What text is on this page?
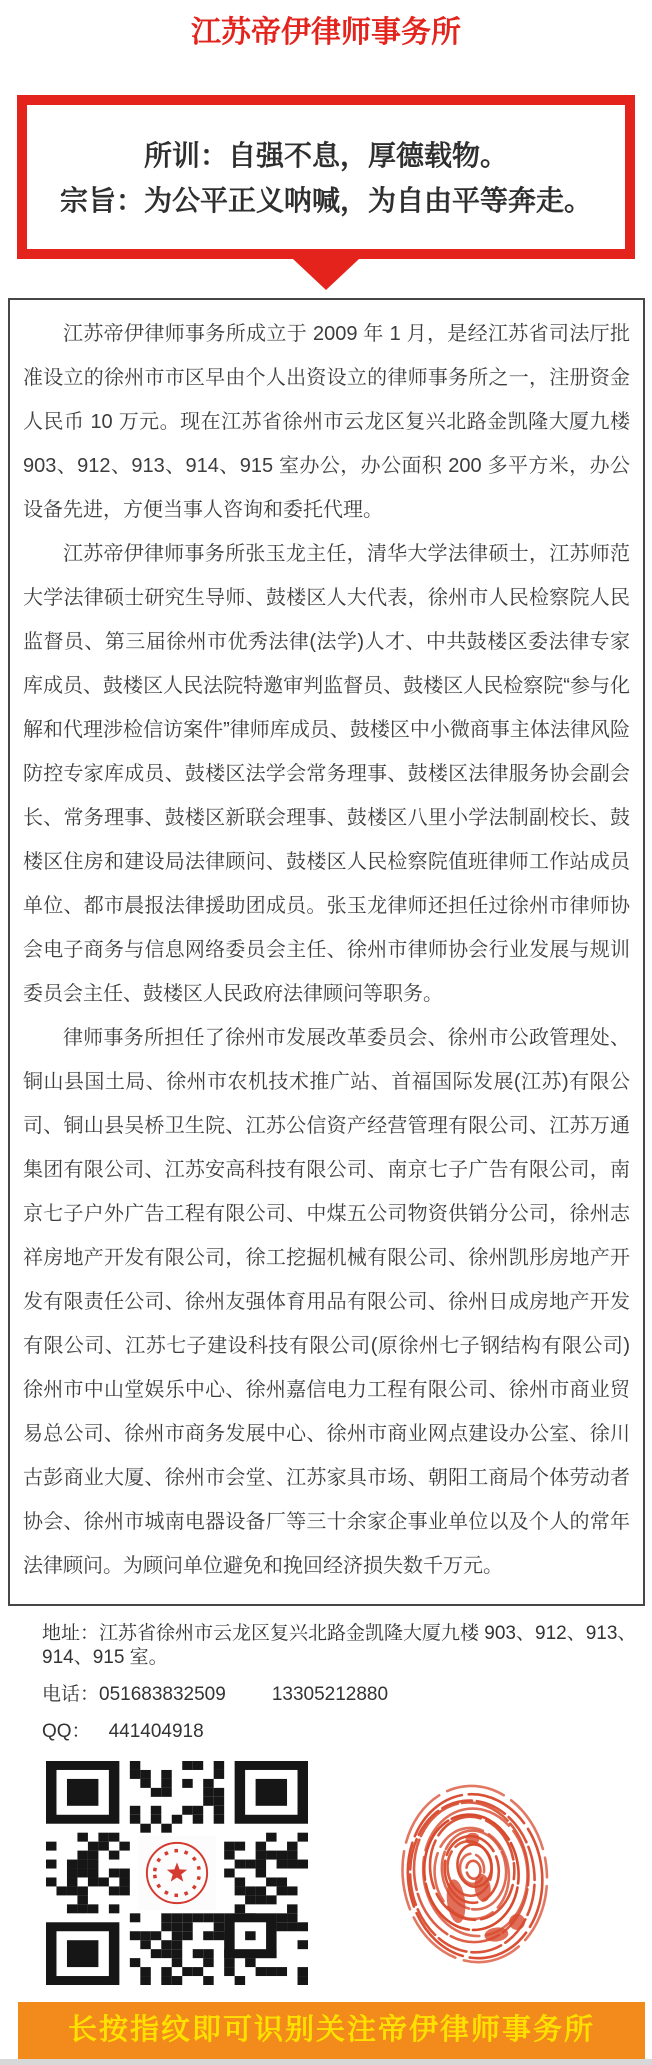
江苏帝伊律师事务所
所训：自强不息，厚德载物。
宗旨：为公平正义呐喊，为自由平等奔走。

江苏帝伊律师事务所成立于 2009 年 1 月，是经江苏省司法厅批准设立的徐州市市区早由个人出资设立的律师事务所之一，注册资金人民币 10 万元。现在江苏省徐州市云龙区复兴北路金凯隆大厦九楼 903、912、913、914、915 室办公，办公面积 200 多平方米，办公设备先进，方便当事人咨询和委托代理。

江苏帝伊律师事务所张玉龙主任，清华大学法律硕士，江苏师范大学法律硕士研究生导师、鼓楼区人大代表，徐州市人民检察院人民监督员、第三届徐州市优秀法律(法学)人才、中共鼓楼区委法律专家库成员、鼓楼区人民法院特邀审判监督员、鼓楼区人民检察院“参与化解和代理涉检信访案件”律师库成员、鼓楼区中小微商事主体法律风险防控专家库成员、鼓楼区法学会常务理事、鼓楼区法律服务协会副会长、常务理事、鼓楼区新联会理事、鼓楼区八里小学法制副校长、鼓楼区住房和建设局法律顾问、鼓楼区人民检察院值班律师工作站成员单位、都市晨报法律援助团成员。张玉龙律师还担任过徐州市律师协会电子商务与信息网络委员会主任、徐州市律师协会行业发展与规训委员会主任、鼓楼区人民政府法律顾问等职务。

律师事务所担任了徐州市发展改革委员会、徐州市公政管理处、铜山县国土局、徐州市农机技术推广站、首福国际发展(江苏)有限公司、铜山县吴桥卫生院、江苏公信资产经营管理有限公司、江苏万通集团有限公司、江苏安高科技有限公司、南京七子广告有限公司，南京七子户外广告工程有限公司、中煤五公司物资供销分公司，徐州志祥房地产开发有限公司，徐工挖掘机械有限公司、徐州凯彤房地产开发有限责任公司、徐州友强体育用品有限公司、徐州日成房地产开发有限公司、江苏七子建设科技有限公司(原徐州七子钢结构有限公司)徐州市中山堂娱乐中心、徐州嘉信电力工程有限公司、徐州市商业贸易总公司、徐州市商务发展中心、徐州市商业网点建设办公室、徐川古彭商业大厦、徐州市会堂、江苏家具市场、朝阳工商局个体劳动者协会、徐州市城南电器设备厂等三十余家企事业单位以及个人的常年法律顾问。为顾问单位避免和挽回经济损失数千万元。

地址：江苏省徐州市云龙区复兴北路金凯隆大厦九楼 903、912、913、914、915 室。
电话：051683832509 13305212880
QQ： 441404918
长按指纹即可识别关注帝伊律师事务所
